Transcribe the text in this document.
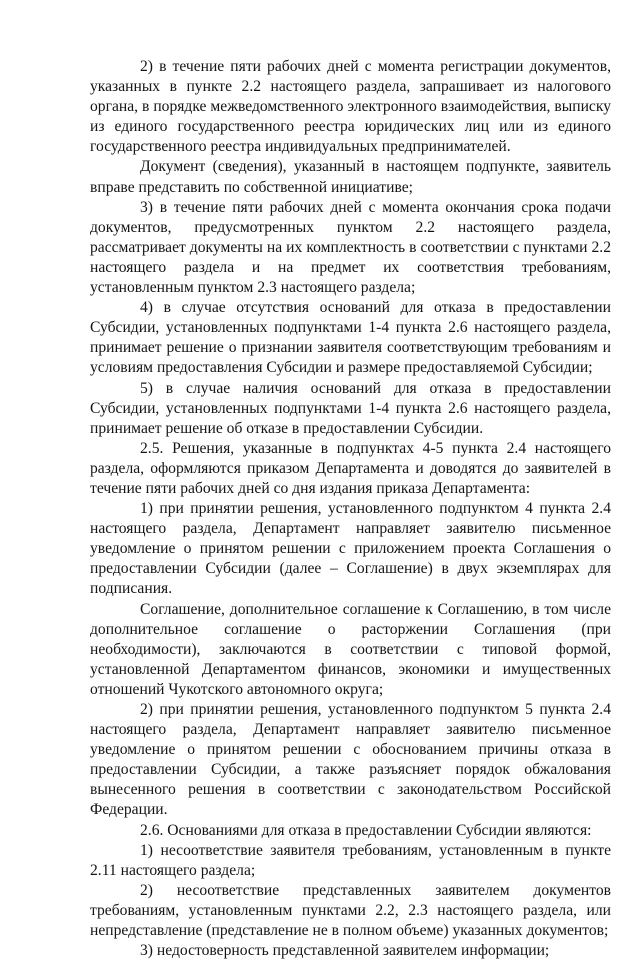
2) в течение пяти рабочих дней с момента регистрации документов, указанных в пункте 2.2 настоящего раздела, запрашивает из налогового органа, в порядке межведомственного электронного взаимодействия, выписку из единого государственного реестра юридических лиц или из единого государственного реестра индивидуальных предпринимателей.

Документ (сведения), указанный в настоящем подпункте, заявитель вправе представить по собственной инициативе;

3) в течение пяти рабочих дней с момента окончания срока подачи документов, предусмотренных пунктом 2.2 настоящего раздела, рассматривает документы на их комплектность в соответствии с пунктами 2.2 настоящего раздела и на предмет их соответствия требованиям, установленным пунктом 2.3 настоящего раздела;

4) в случае отсутствия оснований для отказа в предоставлении Субсидии, установленных подпунктами 1-4 пункта 2.6 настоящего раздела, принимает решение о признании заявителя соответствующим требованиям и условиям предоставления Субсидии и размере предоставляемой Субсидии;

5) в случае наличия оснований для отказа в предоставлении Субсидии, установленных подпунктами 1-4 пункта 2.6 настоящего раздела, принимает решение об отказе в предоставлении Субсидии.

2.5. Решения, указанные в подпунктах 4-5 пункта 2.4 настоящего раздела, оформляются приказом Департамента и доводятся до заявителей в течение пяти рабочих дней со дня издания приказа Департамента:

1) при принятии решения, установленного подпунктом 4 пункта 2.4 настоящего раздела, Департамент направляет заявителю письменное уведомление о принятом решении с приложением проекта Соглашения о предоставлении Субсидии (далее – Соглашение) в двух экземплярах для подписания.

Соглашение, дополнительное соглашение к Соглашению, в том числе дополнительное соглашение о расторжении Соглашения (при необходимости), заключаются в соответствии с типовой формой, установленной Департаментом финансов, экономики и имущественных отношений Чукотского автономного округа;

2) при принятии решения, установленного подпунктом 5 пункта 2.4 настоящего раздела, Департамент направляет заявителю письменное уведомление о принятом решении с обоснованием причины отказа в предоставлении Субсидии, а также разъясняет порядок обжалования вынесенного решения в соответствии с законодательством Российской Федерации.

2.6. Основаниями для отказа в предоставлении Субсидии являются:

1) несоответствие заявителя требованиям, установленным в пункте 2.11 настоящего раздела;

2) несоответствие представленных заявителем документов требованиям, установленным пунктами 2.2, 2.3 настоящего раздела, или непредставление (представление не в полном объеме) указанных документов;

3) недостоверность представленной заявителем информации;
